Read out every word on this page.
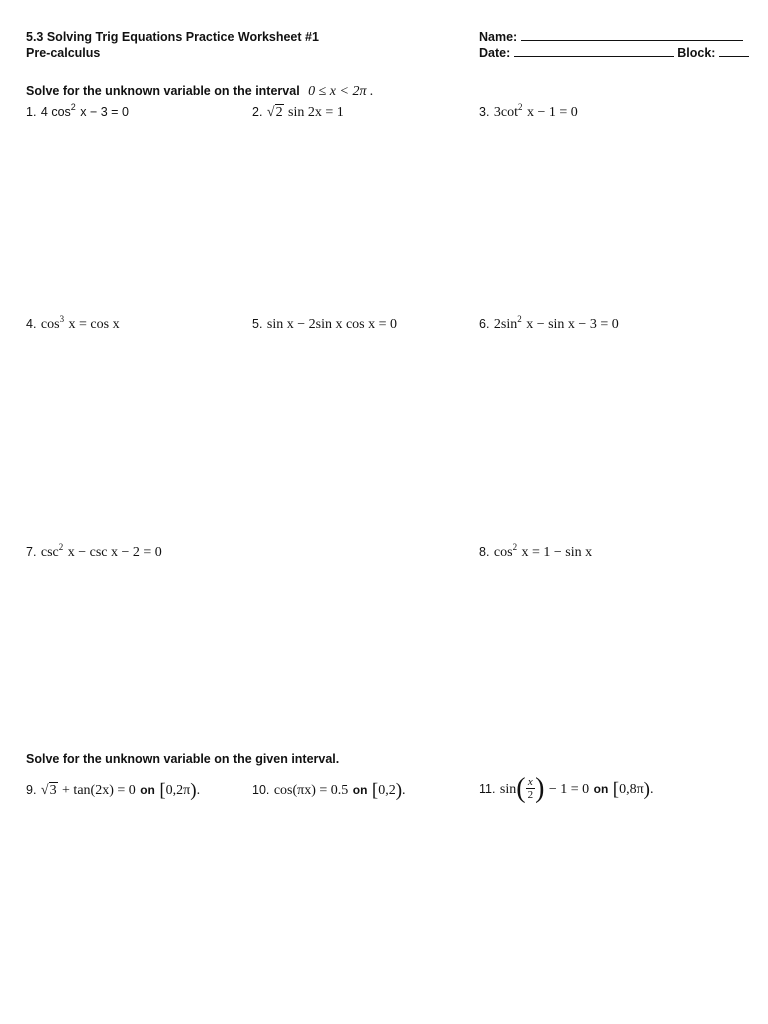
5.3 Solving Trig Equations Practice Worksheet #1
Pre-calculus
Name:
Date:	Block:
Solve for the unknown variable on the interval 0 ≤ x < 2π .
1. 4 $\cos^2 x - 3 = 0$	2. √2 sin 2x = 1	3. $3\cot^2$ x − 1 = 0
4. $\cos^3 x = \cos x$	5. sin x − 2sin x cos x = 0	6. $2\sin^2$ x − sin x − 3 = 0
7. $\csc^2 x - \csc x - 2 = 0$	8. $\cos^2 x = 1 - \sin x$
Solve for the unknown variable on the given interval.
9. √3 + tan(2x) = 0 on [0,2π).	10. cos(πx) = 0.5 on [0,2).	11. $\sin( \frac{x}{2}$ ) − 1 = 0 on [0,8π).
